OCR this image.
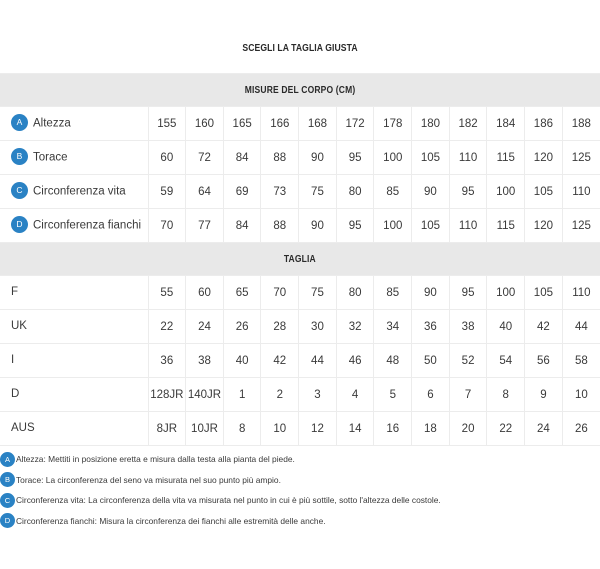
SCEGLI LA TAGLIA GIUSTA
MISURE DEL CORPO (CM)												
A Altezza	155	160	165	166	168	172	178	180	182	184	186	188
B Torace	60	72	84	88	90	95	100	105	110	115	120	125
C Circonferenza vita	59	64	69	73	75	80	85	90	95	100	105	110
D Circonferenza fianchi	70	77	84	88	90	95	100	105	110	115	120	125
TAGLIA												
F	55	60	65	70	75	80	85	90	95	100	105	110
UK	22	24	26	28	30	32	34	36	38	40	42	44
I	36	38	40	42	44	46	48	50	52	54	56	58
D	128JR	140JR	1	2	3	4	5	6	7	8	9	10
AUS	8JR	10JR	8	10	12	14	16	18	20	22	24	26
A Altezza: Mettiti in posizione eretta e misura dalla testa alla pianta del piede.
B Torace: La circonferenza del seno va misurata nel suo punto più ampio.
C Circonferenza vita: La circonferenza della vita va misurata nel punto in cui è più sottile, sotto l'altezza delle costole.
D Circonferenza fianchi: Misura la circonferenza dei fianchi alle estremità delle anche.
